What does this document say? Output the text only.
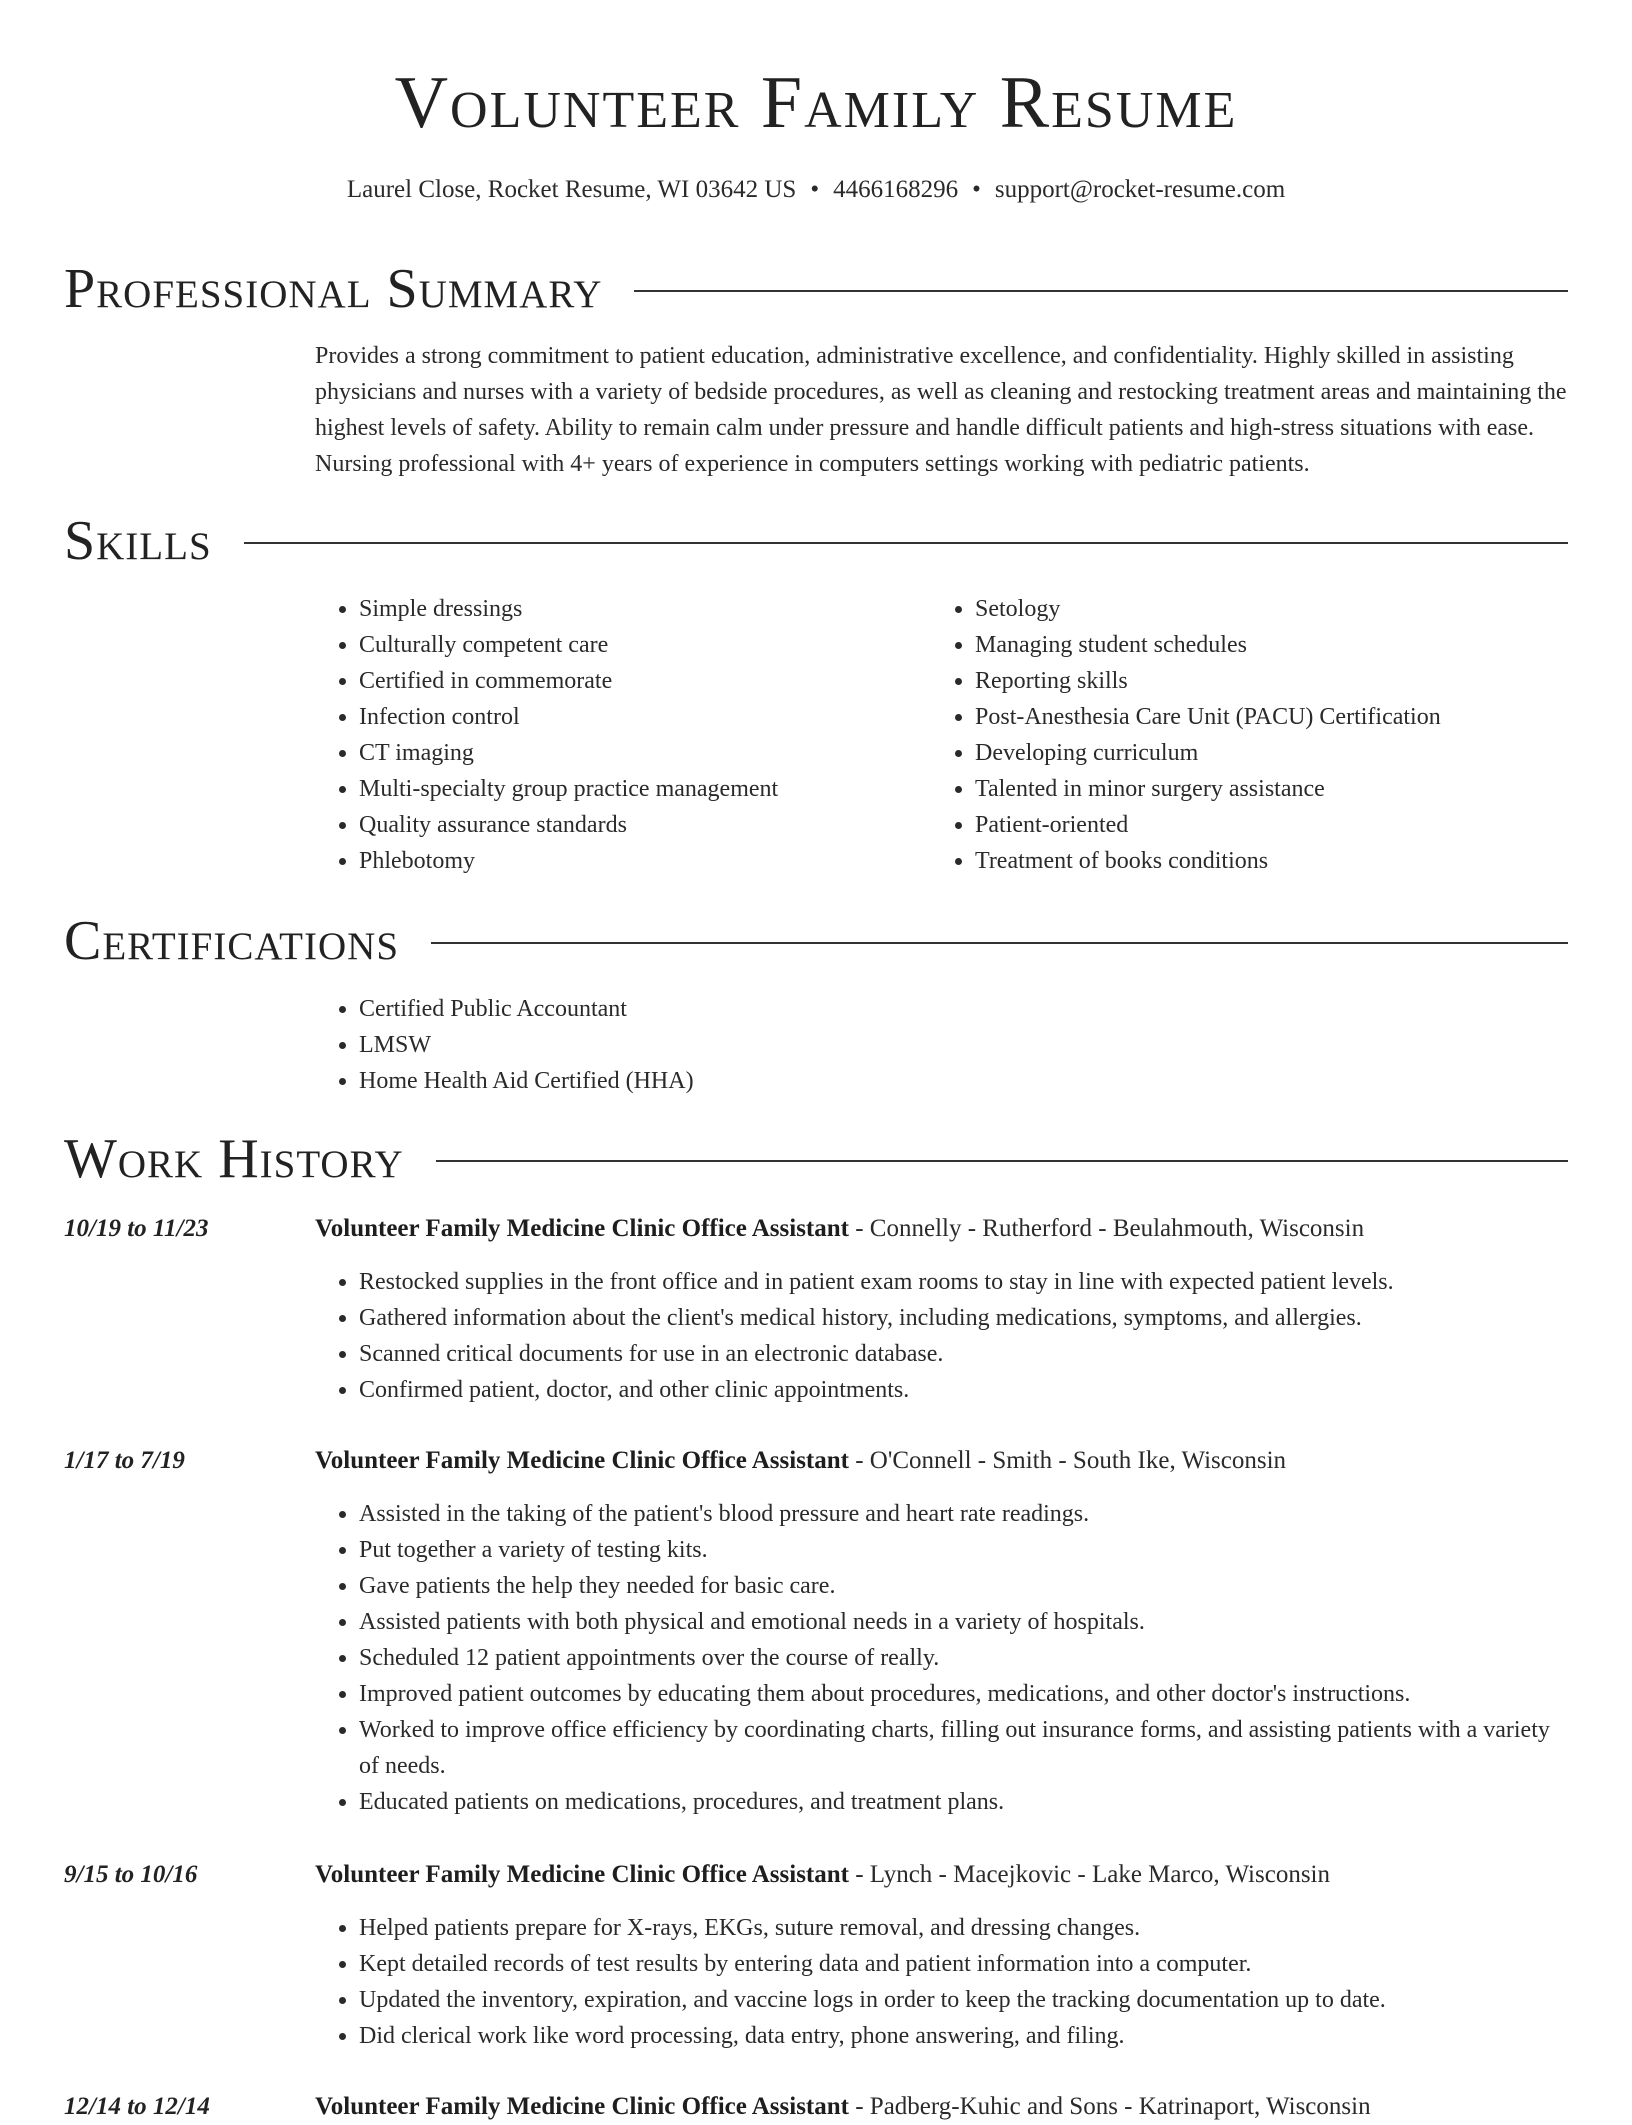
Volunteer Family Resume
Laurel Close, Rocket Resume, WI 03642 US • 4466168296 • support@rocket-resume.com
Professional Summary

Provides a strong commitment to patient education, administrative excellence, and confidentiality. Highly skilled in assisting physicians and nurses with a variety of bedside procedures, as well as cleaning and restocking treatment areas and maintaining the highest levels of safety. Ability to remain calm under pressure and handle difficult patients and high-stress situations with ease. Nursing professional with 4+ years of experience in computers settings working with pediatric patients.

Skills
• Simple dressings
• Culturally competent care
• Certified in commemorate
• Infection control
• CT imaging
• Multi-specialty group practice management
• Quality assurance standards
• Phlebotomy
• Setology
• Managing student schedules
• Reporting skills
• Post-Anesthesia Care Unit (PACU) Certification
• Developing curriculum
• Talented in minor surgery assistance
• Patient-oriented
• Treatment of books conditions
Certifications
• Certified Public Accountant
• LMSW
• Home Health Aid Certified (HHA)
Work History
10/19 to 11/23	Volunteer Family Medicine Clinic Office Assistant - Connelly - Rutherford - Beulahmouth, Wisconsin
• Restocked supplies in the front office and in patient exam rooms to stay in line with expected patient levels.
• Gathered information about the client's medical history, including medications, symptoms, and allergies.
• Scanned critical documents for use in an electronic database.
• Confirmed patient, doctor, and other clinic appointments.
1/17 to 7/19	Volunteer Family Medicine Clinic Office Assistant - O'Connell - Smith - South Ike, Wisconsin
• Assisted in the taking of the patient's blood pressure and heart rate readings.
• Put together a variety of testing kits.
• Gave patients the help they needed for basic care.
• Assisted patients with both physical and emotional needs in a variety of hospitals.
• Scheduled 12 patient appointments over the course of really.
• Improved patient outcomes by educating them about procedures, medications, and other doctor's instructions.
• Worked to improve office efficiency by coordinating charts, filling out insurance forms, and assisting patients with a variety of needs.
• Educated patients on medications, procedures, and treatment plans.
9/15 to 10/16	Volunteer Family Medicine Clinic Office Assistant - Lynch - Macejkovic - Lake Marco, Wisconsin
• Helped patients prepare for X-rays, EKGs, suture removal, and dressing changes.
• Kept detailed records of test results by entering data and patient information into a computer.
• Updated the inventory, expiration, and vaccine logs in order to keep the tracking documentation up to date.
• Did clerical work like word processing, data entry, phone answering, and filing.
12/14 to 12/14	Volunteer Family Medicine Clinic Office Assistant - Padberg-Kuhic and Sons - Katrinaport, Wisconsin
